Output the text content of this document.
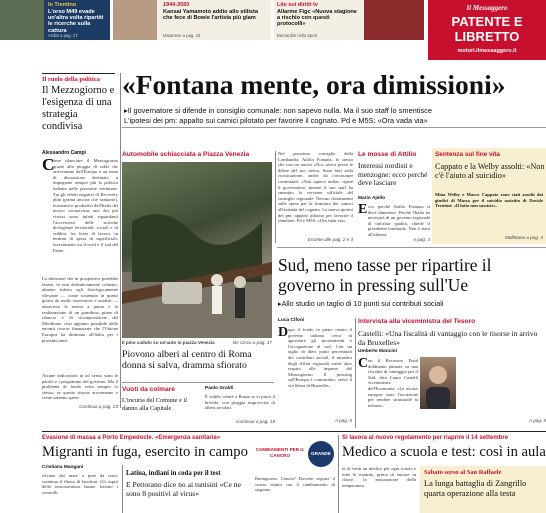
In Trentino
L'orso M49 evade un'altra volta ripartiti le ricerche sulla cattura
Ardito a pag. 17
1944-2020
Kansai Yamamoto addio allo stilista che fece di Bowie l'artista più glam
Maiarrese a pag. 23
Lite sui diritti tv
Allarme Figc «Nuova stagione a rischio con questi protocolli»
Bernardini nello Sport
Il Messaggero
PATENTE E
LIBRETTO
motori.ilmessaggero.it
Il ruolo della politica
Il Mezzogiorno e l'esigenza di una strategia condivisa
Alessandro Campi
C
ome rilanciare il Mezzogiorno grazie alla pioggia di soldi che arriveranno dall'Europa è un tema di discussione destinato a impegnare sempre più la politica italiana nelle prossime settimane. Tra gli effetti negativi di Recovery plan (prima ancora che sanitarie), economico-produttivi dell'Italia del nuovo coronavirus uno dei più vistosi sono infatti riguardanti l'accrescersi delle storiche divergenze territoriali, sociali e di reddito, fra forze di lavoro, in termini di spesa di superficiali, investimenti tra il nord e il sud del Paese.
La direzione che in prospettiva potrebbe essere, se non definitivamente colmato, almeno ridotto egli fisiologicamente rilevante — come sostenuto in questi giorni da molti osservatori e analisti — attraverso la messa a punto e la realizzazione di un grandioso piano di rilancio e di ricomposizione del Meridione, reso appunto possibile dalle enormi risorse finanziarie che l'Unione Europea ha destinato all'Italia per i prossimi anni.
Alcune indicazioni in tal senso sono le parole e i programmi del governo. Ma il problema di fondo resta sempre lo stesso: se queste risorse arriveranno e come saranno spese.
Continua a pag. 23
«Fontana mente, ora dimissioni»
▸Il governatore si difende in consiglio comunale: non sapevo nulla. Ma il suo staff lo smentisce
L'ipotesi dei pm: appalto sui camici pilotato per favorire il cognato. Pd e M5S: «Ora vada via»
Automobile schiacciata a Piazza Venezia
Il pino caduto su un'auto in piazza Venezia	De Cicco a pag. 17
Piovono alberi al centro di Roma donna si salva, dramma sfiorato
Nel prossimo consiglio della Lombardia, Attilio Fontana, lo stesso che con un nuovo «No» aveva preso le difese del suo stesso. Sono fatti sulla ricostruzione, anche da circostanze contestuali: «Non sapevo nulla», ripete il governatore, mentre il suo staff ha smentito la versione ufficiale del consiglio regionale. Nessun chiarimento sulle spese per la fornitura dei camici all'azienda del cognato. La nuova ipotesi dei pm: appalto pilotato per favorire il familiare. Pd e M5S: «Ora vada via».
Errante alle pag. 2 e 3
Le mosse di Attilio
Interessi nordisti e menzogne: ecco perché deve lasciare
Mario Ajello
E cco perché Attilio Fontana si deve dimettere. Perché l'Italia ha necessità di un governo regionale di tutt'altra qualità, chiede il presidente lombardo. Non è stato all'altezza.
A pag. 3
Sentenza sul fine vita
Cappato e la Welby assolti: «Non c'è l'aiuto al suicidio»
Mina Welby e Marco Cappato sono stati assolti dai giudici di Massa per il suicidio assistito di Davide Trentini: «Il fatto non sussiste».
Malfetano a pag. 4
Sud, meno tasse per ripartire il governo in pressing sull'Ue
▸Allo studio un taglio di 10 punti sui contributi sociali
Luca Cifoni
D opo il fondo in pieno centro il governo italiano cerca di agevolare gli investimenti e l'occupazione al sud. Con un taglio di dieci punti percentuali dei contributi sociali, il ministro degli Affari regionali vuole dare respiro alle imprese del Mezzogiorno. Il pressing sull'Europa è cominciato: serve il via libera di Bruxelles.
A pag. 5
Intervista alla viceministra del Tesoro
Castelli: «Una fiscalità di vantaggio con le risorse in arrivo da Bruxelles»
Umberto Mancini
C on il Recovery Fund dobbiamo puntare su una fiscalità di vantaggio per il Sud, dice Laura Castelli viceministra dell'Economia. «Le risorse europee sono l'occasione per rendere strutturale la misura».
A pag. 5
Vuoti da colmare
L'incuria del Comune e il danno alla Capitale
Paolo Graldi
È valido venire a Roma se vi piace il brivido, con pioggia improvvisa di alberi secolari.
Continua a pag. 18
Evasione di massa a Porto Empedocle. «Emergenza sanitaria»
Migranti in fuga, esercito in campo
Cristiana Mangani
rrivano dal mare e pure da terra: continua il flusso di barchini. Gli ospiti della tensostruttura hanno forzato i controlli.
Latina, indiani in coda per il test
E Pettorano dice no ai tunisini «Ce ne sono 8 positivi al virus»
CAMBIAMENTI PER IL CANCRO	GRANDE
Buongiorno, Cancro! Dovrete seguire il vostro istinto con il cambiamento di stagione.
Si lavora al nuovo regolamento per riaprire il 14 settembre
Medico a scuola e test: così in aula
iù di venti un medico per ogni scuola e tutte le mattine, prima di entrare in classe, la misurazione della temperatura.
Sabato sorso al San Raffaele
La lunga battaglia di Zangrillo quarta operazione alla testa
